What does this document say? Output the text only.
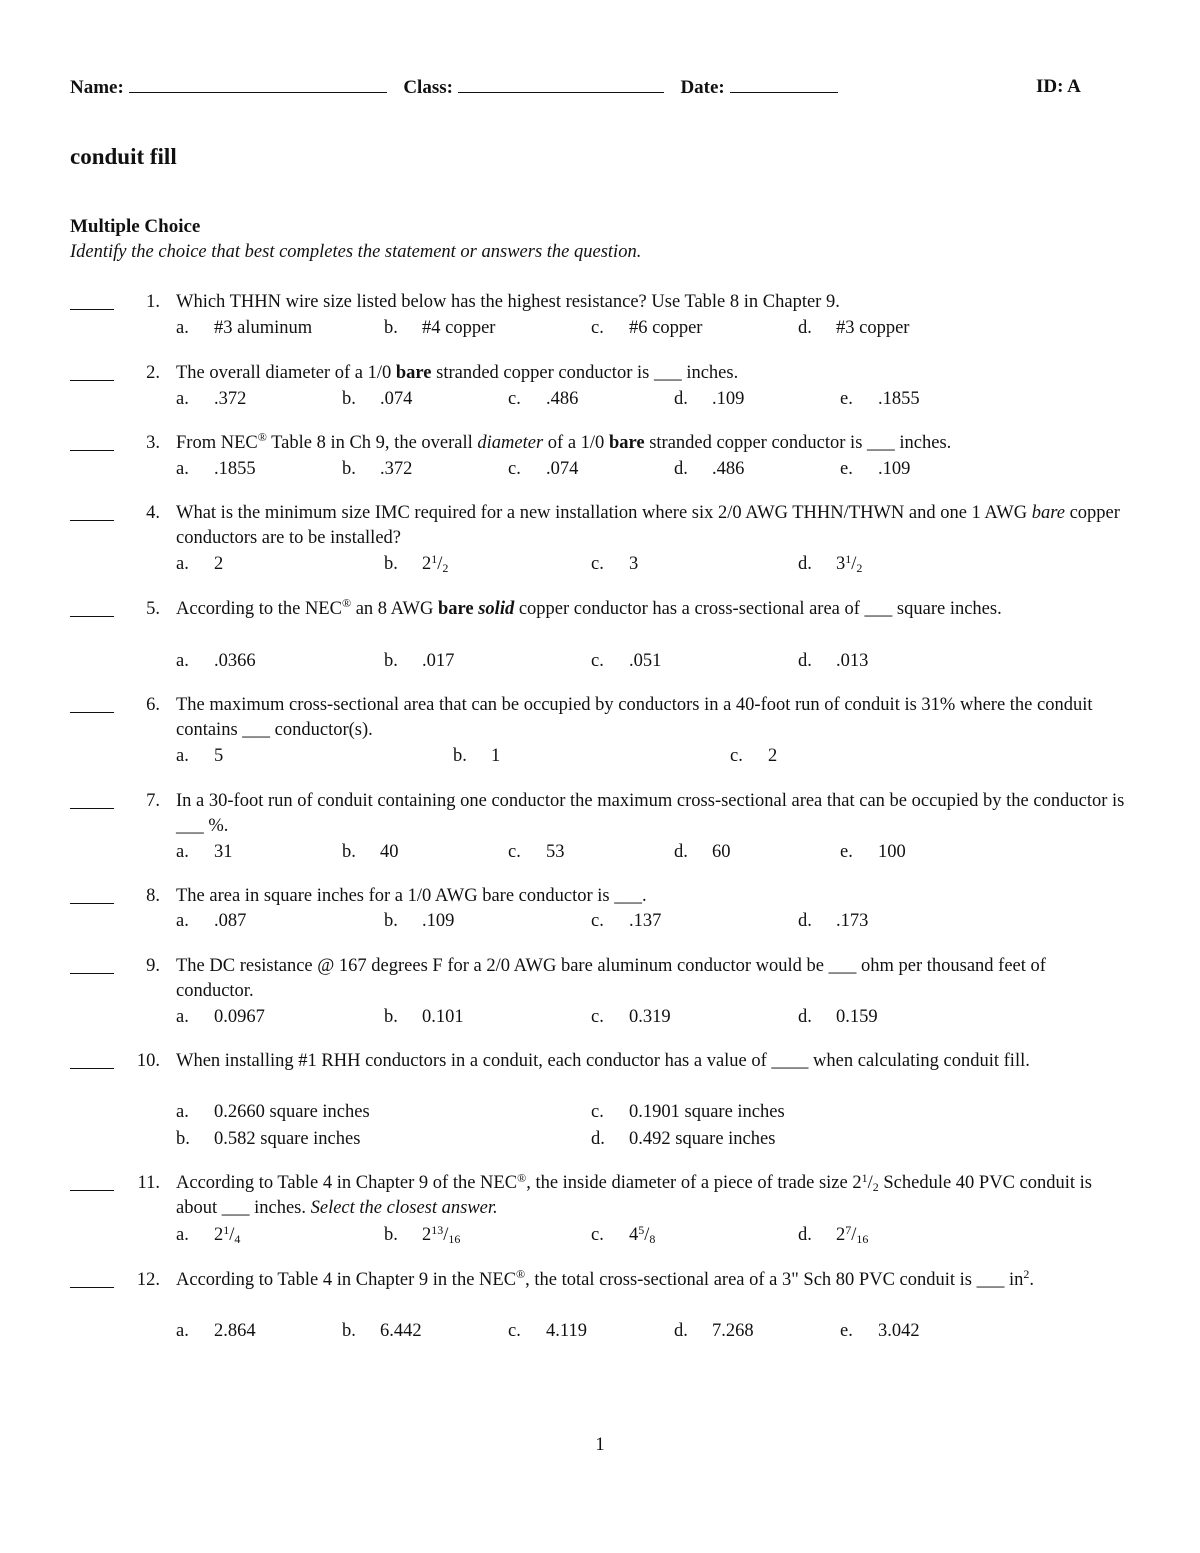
Name:	Class:	Date:	ID: A
conduit fill
Multiple Choice
Identify the choice that best completes the statement or answers the question.
1. Which THHN wire size listed below has the highest resistance? Use Table 8 in Chapter 9.
a. #3 aluminum	b. #4 copper	c. #6 copper	d. #3 copper
2. The overall diameter of a 1/0 bare stranded copper conductor is ___ inches.
a. .372	b. .074	c. .486	d. .109	e. .1855
3. From NEC® Table 8 in Ch 9, the overall diameter of a 1/0 bare stranded copper conductor is ___ inches.
a. .1855	b. .372	c. .074	d. .486	e. .109
4. What is the minimum size IMC required for a new installation where six 2/0 AWG THHN/THWN and one 1 AWG bare copper conductors are to be installed?
a. 2	b. $2^1/_2$	c. 3	d. $3^1/_2$
5. According to the NEC® an 8 AWG bare solid copper conductor has a cross-sectional area of ___ square inches.
a. .0366	b. .017	c. .051	d. .013
6. The maximum cross-sectional area that can be occupied by conductors in a 40-foot run of conduit is 31% where the conduit contains ___ conductor(s).
a. 5	b. 1	c. 2
7. In a 30-foot run of conduit containing one conductor the maximum cross-sectional area that can be occupied by the conductor is ___ %.
a. 31	b. 40	c. 53	d. 60	e. 100
8. The area in square inches for a 1/0 AWG bare conductor is ___.
a. .087	b. .109	c. .137	d. .173
9. The DC resistance @ 167 degrees F for a 2/0 AWG bare aluminum conductor would be ___ ohm per thousand feet of conductor.
a. 0.0967	b. 0.101	c. 0.319	d. 0.159
10. When installing #1 RHH conductors in a conduit, each conductor has a value of ____ when calculating conduit fill.
a. 0.2660 square inches
b. 0.582 square inches
c. 0.1901 square inches
d. 0.492 square inches
11. According to Table 4 in Chapter 9 of the NEC®, the inside diameter of a piece of trade size $2^1/_2$ Schedule 40 PVC conduit is about ___ inches. Select the closest answer.
a. $2^1/_4$	b. $2^{13}/_{16}$	c. $4^5/_8$	d. $2^7/_{16}$
12. According to Table 4 in Chapter 9 in the NEC®, the total cross-sectional area of a 3" Sch 80 PVC conduit is ___ $in^2$.
a. 2.864	b. 6.442	c. 4.119	d. 7.268	e. 3.042
1
